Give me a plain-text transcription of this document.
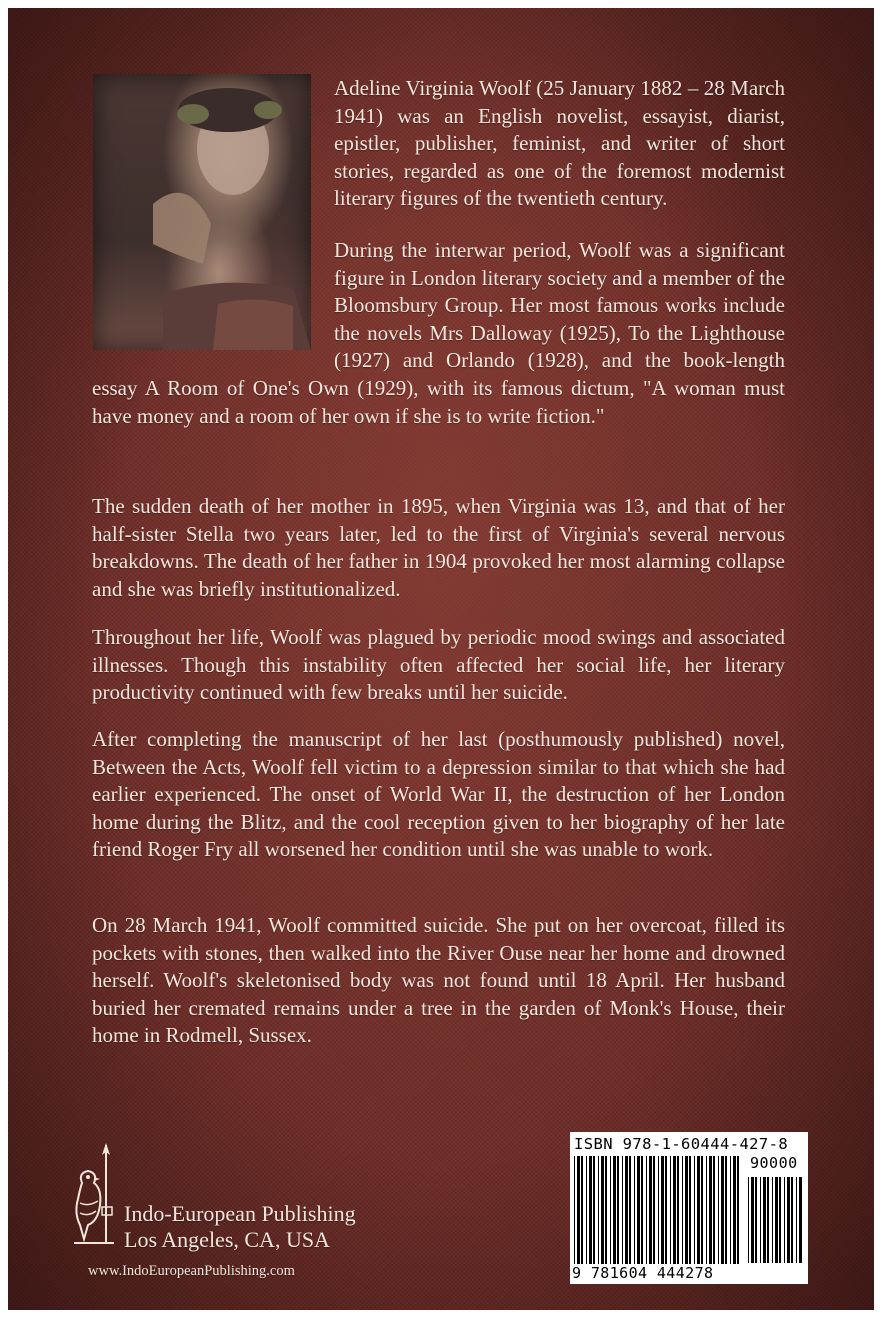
Adeline Virginia Woolf (25 January 1882 – 28 March 1941) was an English novelist, essayist, diarist, epistler, publisher, feminist, and writer of short stories, regarded as one of the foremost modernist literary figures of the twentieth century.

During the interwar period, Woolf was a significant figure in London literary society and a member of the Bloomsbury Group. Her most famous works include the novels Mrs Dalloway (1925), To the Lighthouse (1927) and Orlando (1928), and the book-length essay A Room of One's Own (1929), with its famous dictum, "A woman must have money and a room of her own if she is to write fiction."

The sudden death of her mother in 1895, when Virginia was 13, and that of her half-sister Stella two years later, led to the first of Virginia's several nervous breakdowns. The death of her father in 1904 provoked her most alarming collapse and she was briefly institutionalized.

Throughout her life, Woolf was plagued by periodic mood swings and associated illnesses. Though this instability often affected her social life, her literary productivity continued with few breaks until her suicide.

After completing the manuscript of her last (posthumously published) novel, Between the Acts, Woolf fell victim to a depression similar to that which she had earlier experienced. The onset of World War II, the destruction of her London home during the Blitz, and the cool reception given to her biography of her late friend Roger Fry all worsened her condition until she was unable to work.

On 28 March 1941, Woolf committed suicide. She put on her overcoat, filled its pockets with stones, then walked into the River Ouse near her home and drowned herself. Woolf's skeletonised body was not found until 18 April. Her husband buried her cremated remains under a tree in the garden of Monk's House, their home in Rodmell, Sussex.

Indo-European Publishing

Los Angeles, CA, USA

www.IndoEuropeanPublishing.com

ISBN 978-1-60444-427-8

90000

9 781604 444278
